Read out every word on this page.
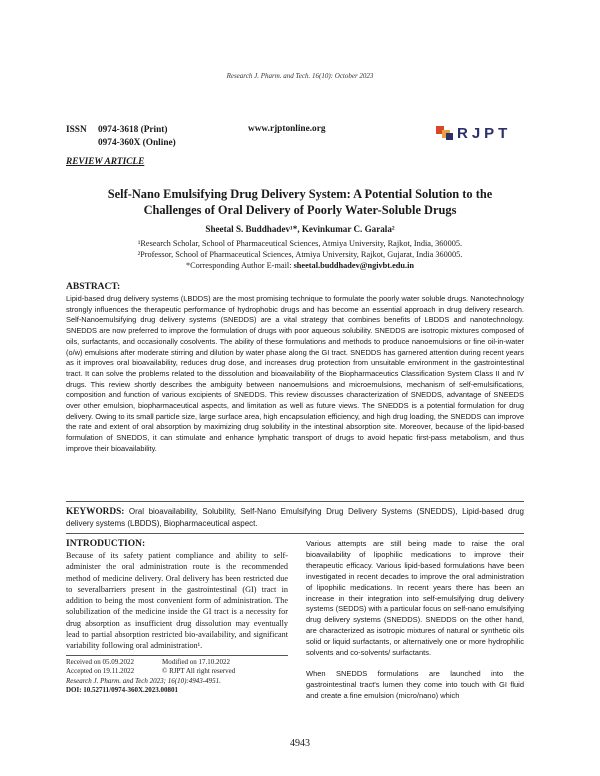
Research J. Pharm. and Tech. 16(10): October 2023
ISSN 0974-3618 (Print)
0974-360X (Online)
www.rjptonline.org	RJPT
REVIEW ARTICLE
Self-Nano Emulsifying Drug Delivery System: A Potential Solution to the
Challenges of Oral Delivery of Poorly Water-Soluble Drugs
Sheetal S. Buddhadev¹*, Kevinkumar C. Garala²
¹Research Scholar, School of Pharmaceutical Sciences, Atmiya University, Rajkot, India, 360005.
²Professor, School of Pharmaceutical Sciences, Atmiya University, Rajkot, Gujarat, India 360005.
*Corresponding Author E-mail: sheetal.buddhadev@ngivbt.edu.in
ABSTRACT:
Lipid-based drug delivery systems (LBDDS) are the most promising technique to formulate the poorly water soluble drugs. Nanotechnology strongly influences the therapeutic performance of hydrophobic drugs and has become an essential approach in drug delivery research. Self-Nanoemulsifying drug delivery systems (SNEDDS) are a vital strategy that combines benefits of LBDDS and nanotechnology. SNEDDS are now preferred to improve the formulation of drugs with poor aqueous solubility. SNEDDS are isotropic mixtures composed of oils, surfactants, and occasionally cosolvents. The ability of these formulations and methods to produce nanoemulsions or fine oil-in-water (o/w) emulsions after moderate stirring and dilution by water phase along the GI tract. SNEDDS has garnered attention during recent years as it improves oral bioavailability, reduces drug dose, and increases drug protection from unsuitable environment in the gastrointestinal tract. It can solve the problems related to the dissolution and bioavailability of the Biopharmaceutics Classification System Class II and IV drugs. This review shortly describes the ambiguity between nanoemulsions and microemulsions, mechanism of self-emulsifications, composition and function of various excipients of SNEDDS. This review discusses characterization of SNEDDS, advantage of SNEEDS over other emulsion, biopharmaceutical aspects, and limitation as well as future views. The SNEDDS is a potential formulation for drug delivery. Owing to its small particle size, large surface area, high encapsulation efficiency, and high drug loading, the SNEDDS can improve the rate and extent of oral absorption by maximizing drug solubility in the intestinal absorption site. Moreover, because of the lipid-based formulation of SNEDDS, it can stimulate and enhance lymphatic transport of drugs to avoid hepatic first-pass metabolism, and thus improve their bioavailability.
KEYWORDS: Oral bioavailability, Solubility, Self-Nano Emulsifying Drug Delivery Systems (SNEDDS), Lipid-based drug delivery systems (LBDDS), Biopharmaceutical aspect.
INTRODUCTION:
Because of its safety patient compliance and ability to self-administer the oral administration route is the recommended method of medicine delivery. Oral delivery has been restricted due to severalbarriers present in the gastrointestinal (GI) tract in addition to being the most convenient form of administration. The solubilization of the medicine inside the GI tract is a necessity for drug absorption as insufficient drug dissolution may eventually lead to partial absorption restricted bio-availability, and significant variability following oral administration¹.

Various attempts are still being made to raise the oral bioavailability of lipophilic medications to improve their therapeutic efficacy. Various lipid-based formulations have been investigated in recent decades to improve the oral administration of lipophilic medications. In recent years there has been an increase in their integration into self-emulsifying drug delivery systems (SEDDS) with a particular focus on self-nano emulsifying drug delivery systems (SNEDDS). SNEDDS on the other hand, are characterized as isotropic mixtures of natural or synthetic oils solid or liquid surfactants, or alternatively one or more hydrophilic solvents and co-solvents/ surfactants.

When SNEDDS formulations are launched into the gastrointestinal tract's lumen they come into touch with GI fluid and create a fine emulsion (micro/nano) which

Received on 05.09.2022	Modified on 17.10.2022
Accepted on 19.11.2022	© RJPT All right reserved
Research J. Pharm. and Tech 2023; 16(10):4943-4951.
DOI: 10.52711/0974-360X.2023.00801
4943
